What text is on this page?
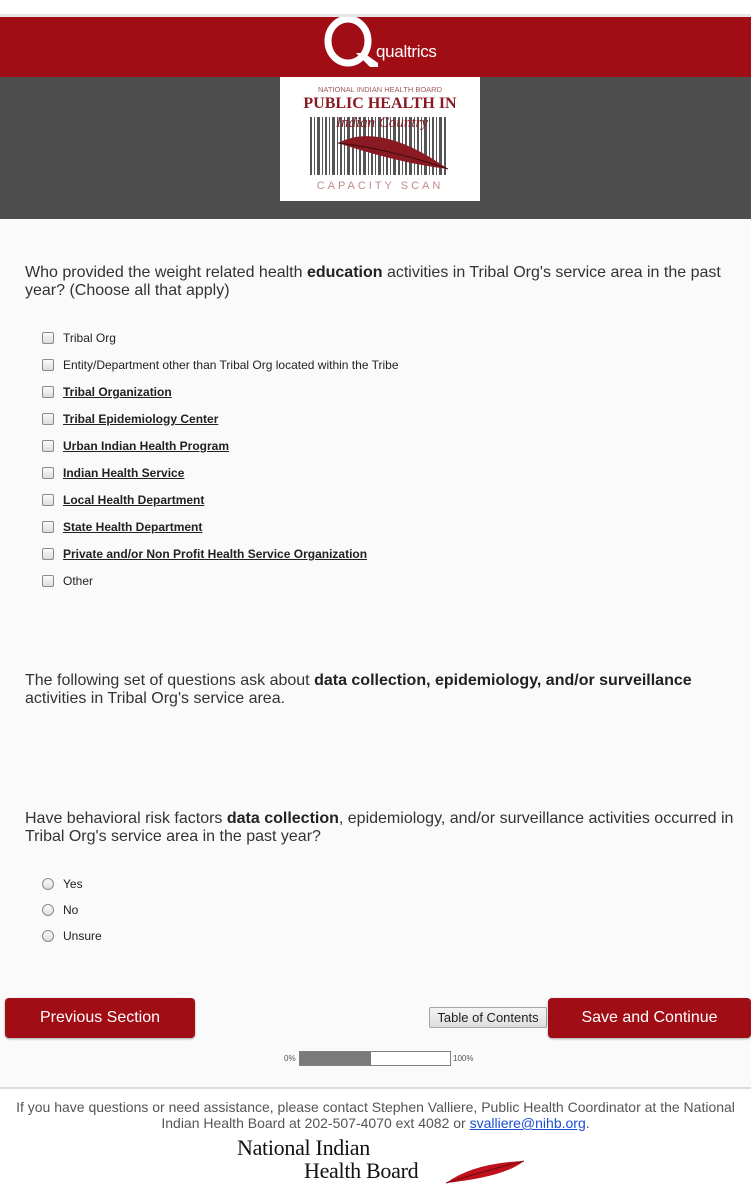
qualtrics
NATIONAL INDIAN HEALTH BOARD
PUBLIC HEALTH IN
Indian Country
CAPACITY SCAN
Who provided the weight related health education activities in Tribal Org's service area in the past year? (Choose all that apply)
Tribal Org
Entity/Department other than Tribal Org located within the Tribe
Tribal Organization
Tribal Epidemiology Center
Urban Indian Health Program
Indian Health Service
Local Health Department
State Health Department
Private and/or Non Profit Health Service Organization
Other
The following set of questions ask about data collection, epidemiology, and/or surveillance activities in Tribal Org's service area.
Have behavioral risk factors data collection, epidemiology, and/or surveillance activities occurred in Tribal Org's service area in the past year?
Yes
No
Unsure
Previous Section	Table of Contents	Save and Continue
0%	100%
If you have questions or need assistance, please contact Stephen Valliere, Public Health Coordinator at the National Indian Health Board at 202-507-4070 ext 4082 or svalliere@nihb.org.
National Indian
Health Board
